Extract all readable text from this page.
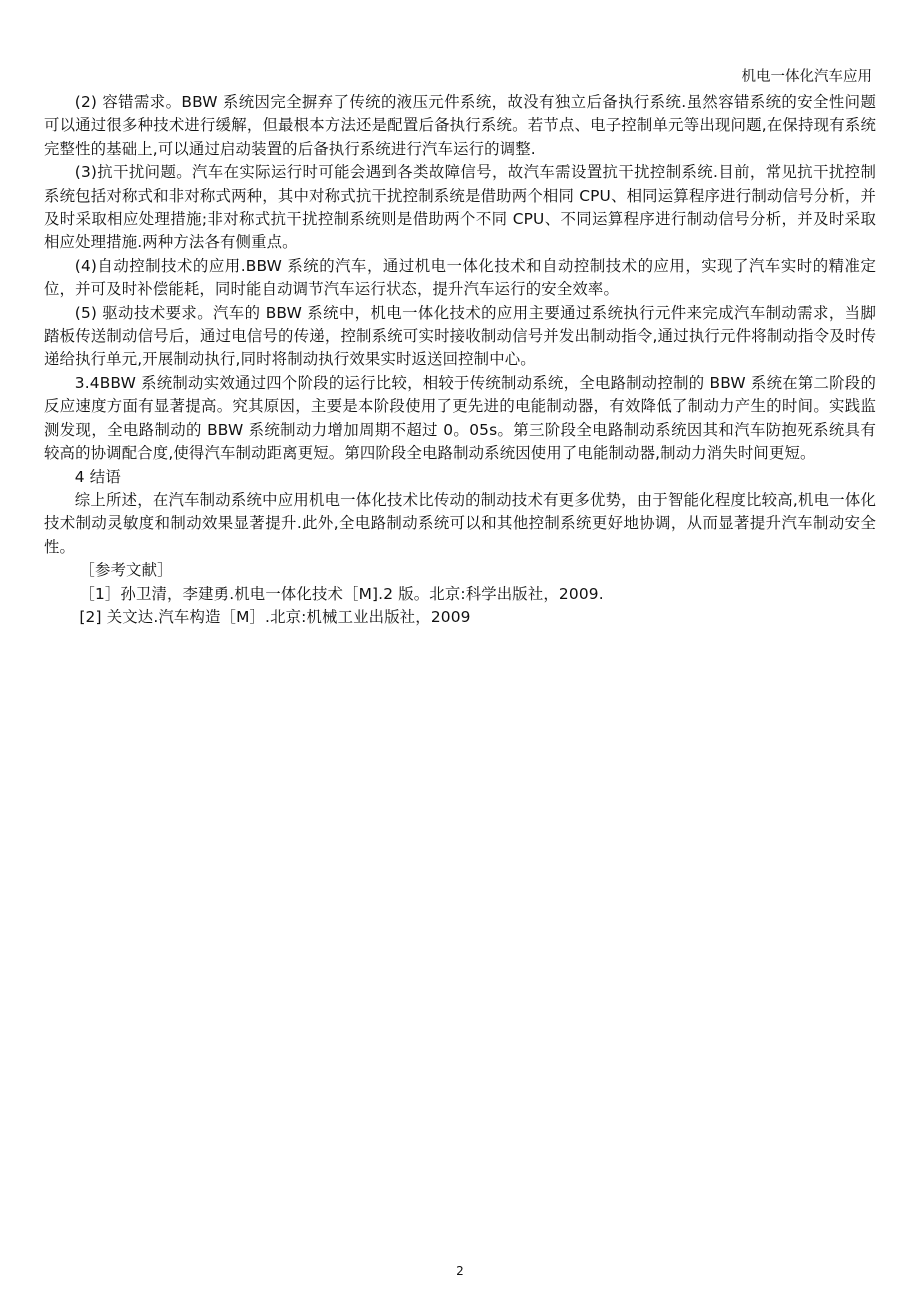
机电一体化汽车应用

(2) 容错需求。BBW 系统因完全摒弃了传统的液压元件系统，故没有独立后备执行系统.虽然容错系统的安全性问题可以通过很多种技术进行缓解，但最根本方法还是配置后备执行系统。若节点、电子控制单元等出现问题,在保持现有系统完整性的基础上,可以通过启动装置的后备执行系统进行汽车运行的调整.

(3)抗干扰问题。汽车在实际运行时可能会遇到各类故障信号，故汽车需设置抗干扰控制系统.目前，常见抗干扰控制系统包括对称式和非对称式两种，其中对称式抗干扰控制系统是借助两个相同 CPU、相同运算程序进行制动信号分析，并及时采取相应处理措施;非对称式抗干扰控制系统则是借助两个不同 CPU、不同运算程序进行制动信号分析，并及时采取相应处理措施.两种方法各有侧重点。

(4)自动控制技术的应用.BBW 系统的汽车，通过机电一体化技术和自动控制技术的应用，实现了汽车实时的精准定位，并可及时补偿能耗，同时能自动调节汽车运行状态，提升汽车运行的安全效率。

(5) 驱动技术要求。汽车的 BBW 系统中，机电一体化技术的应用主要通过系统执行元件来完成汽车制动需求，当脚踏板传送制动信号后，通过电信号的传递，控制系统可实时接收制动信号并发出制动指令,通过执行元件将制动指令及时传递给执行单元,开展制动执行,同时将制动执行效果实时返送回控制中心。

3.4BBW 系统制动实效通过四个阶段的运行比较，相较于传统制动系统，全电路制动控制的 BBW 系统在第二阶段的反应速度方面有显著提高。究其原因，主要是本阶段使用了更先进的电能制动器，有效降低了制动力产生的时间。实践监测发现，全电路制动的 BBW 系统制动力增加周期不超过 0。05s。第三阶段全电路制动系统因其和汽车防抱死系统具有较高的协调配合度,使得汽车制动距离更短。第四阶段全电路制动系统因使用了电能制动器,制动力消失时间更短。

4 结语

综上所述，在汽车制动系统中应用机电一体化技术比传动的制动技术有更多优势，由于智能化程度比较高,机电一体化技术制动灵敏度和制动效果显著提升.此外,全电路制动系统可以和其他控制系统更好地协调，从而显著提升汽车制动安全性。

［参考文献］

［1］孙卫清，李建勇.机电一体化技术［M].2 版。北京:科学出版社，2009.

[2] 关文达.汽车构造［M］.北京:机械工业出版社，2009

2
